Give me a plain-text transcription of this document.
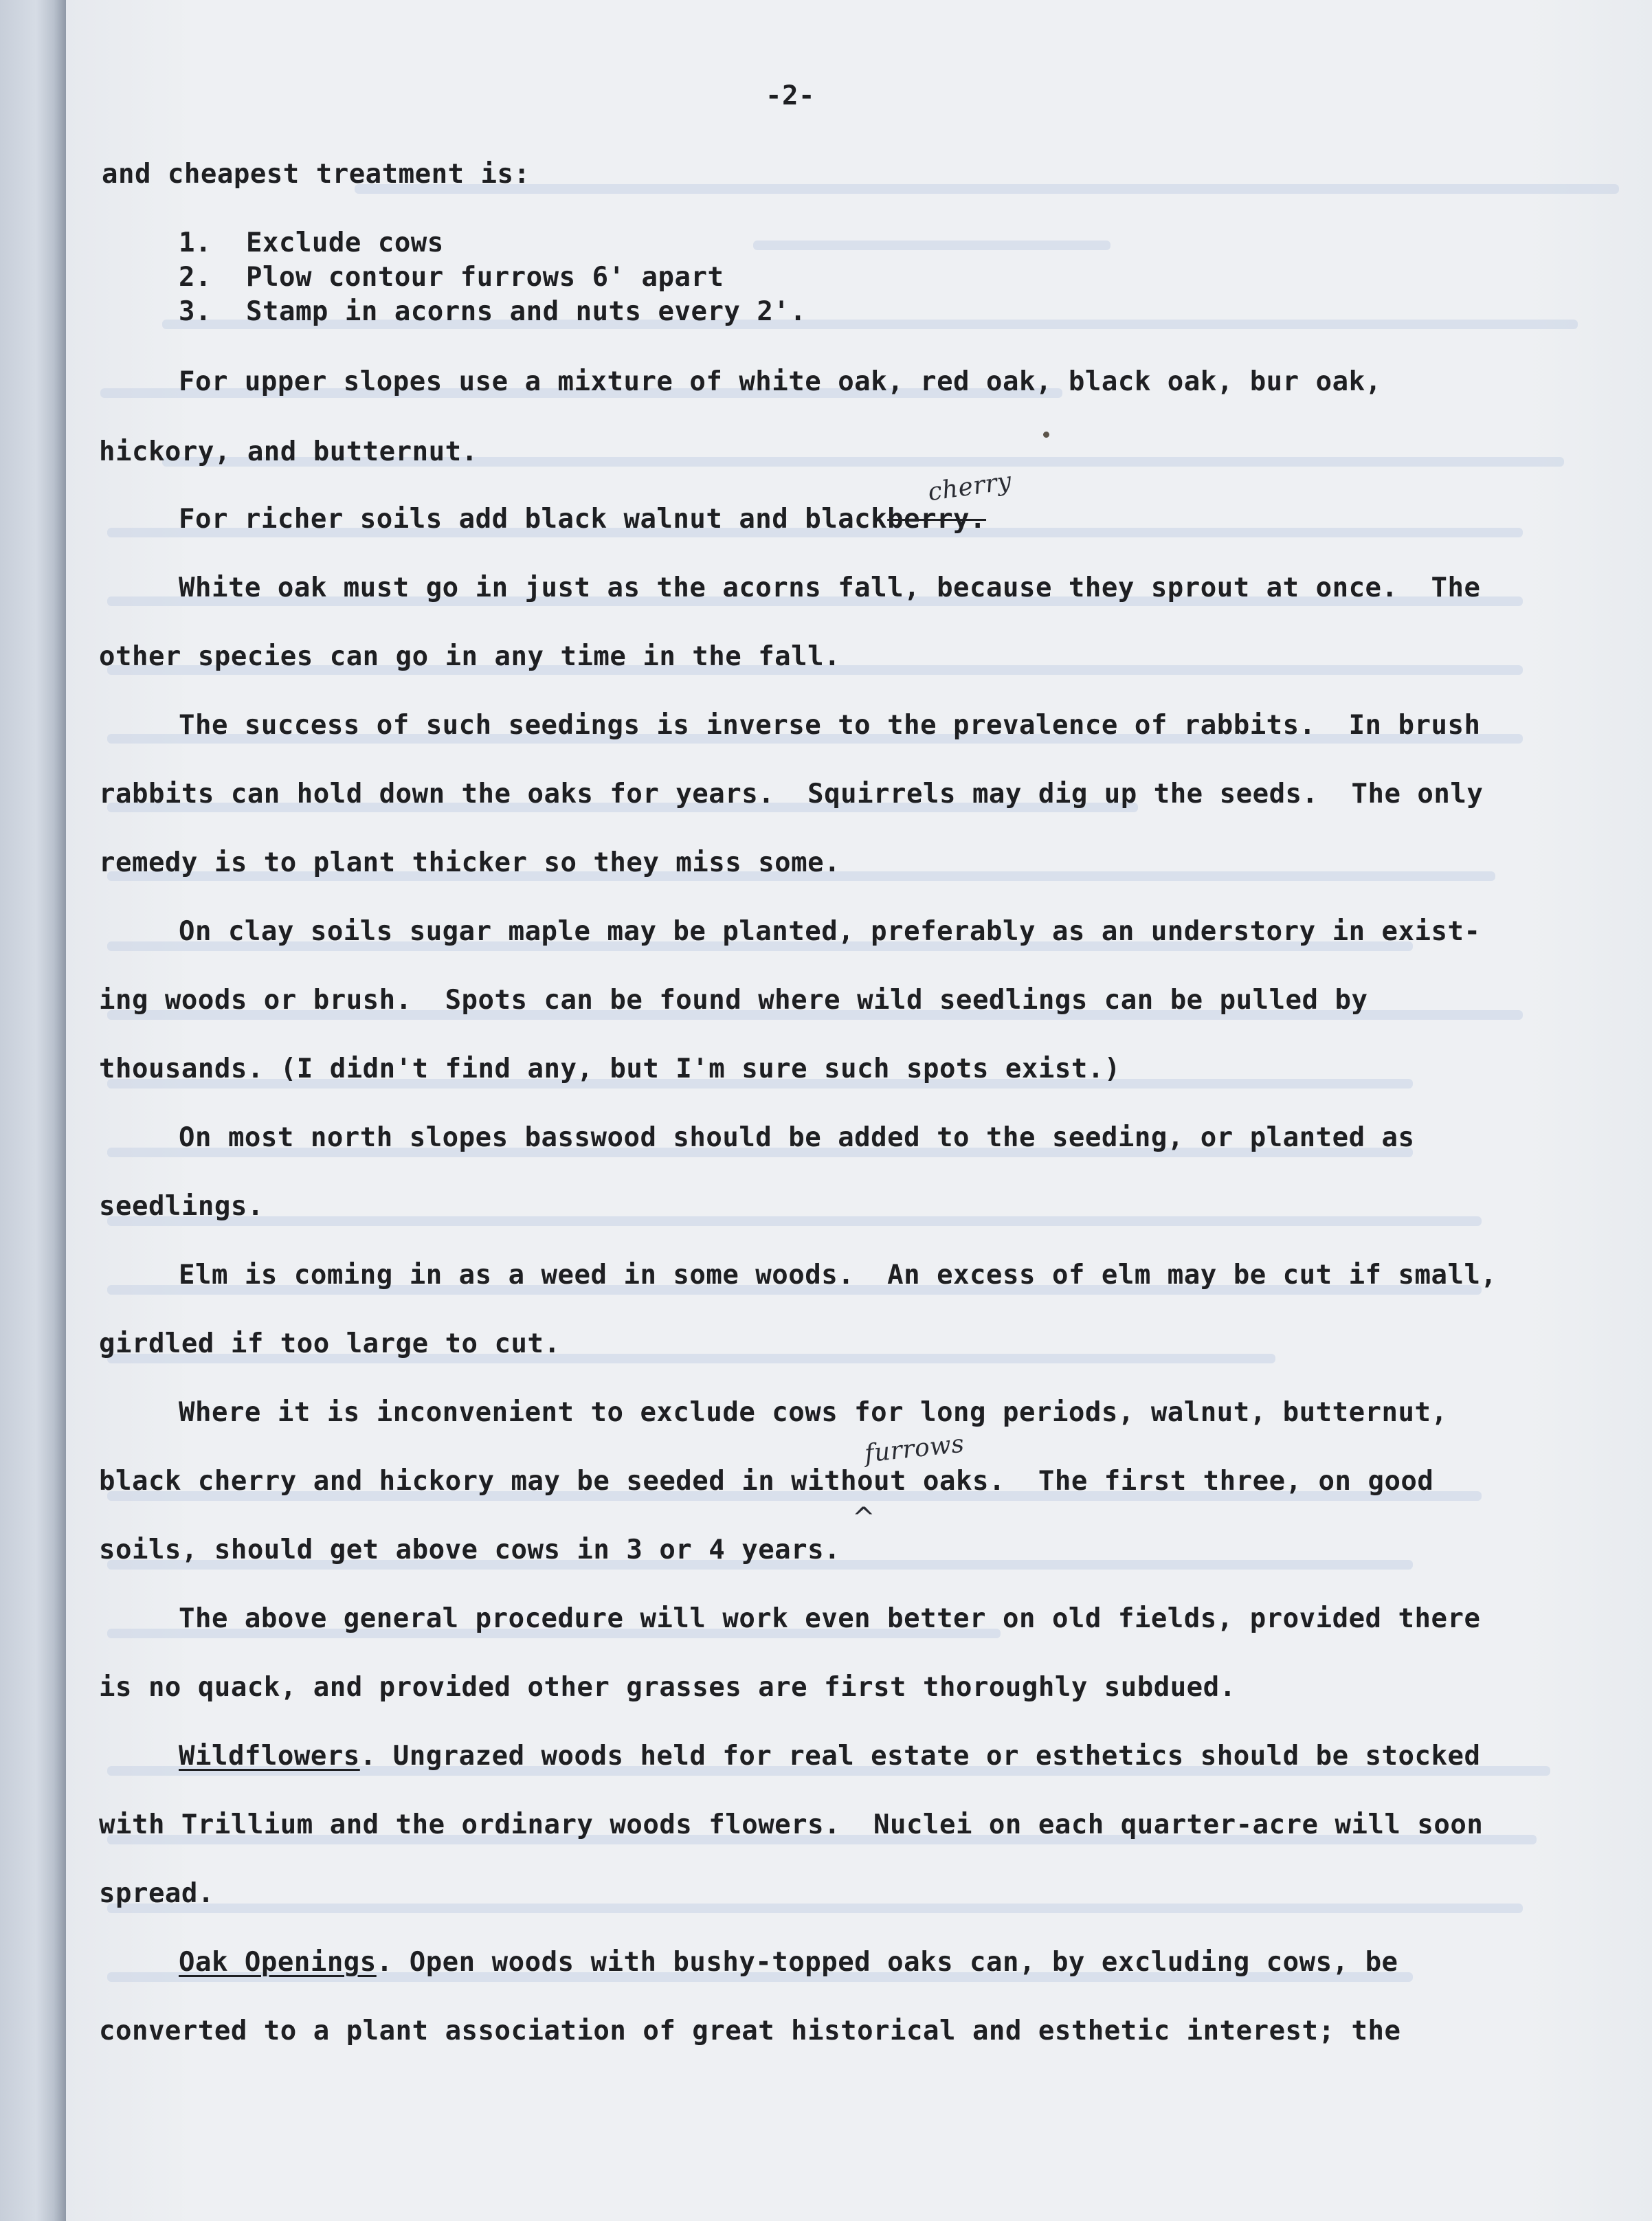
-2-
and cheapest treatment is:
1. Exclude cows
2. Plow contour furrows 6' apart
3. Stamp in acorns and nuts every 2'.
For upper slopes use a mixture of white oak, red oak, black oak, bur oak,
hickory, and butternut.
For richer soils add black walnut and blackberry.
cherry
White oak must go in just as the acorns fall, because they sprout at once.  The
other species can go in any time in the fall.
The success of such seedings is inverse to the prevalence of rabbits.  In brush
rabbits can hold down the oaks for years.  Squirrels may dig up the seeds.  The only
remedy is to plant thicker so they miss some.
On clay soils sugar maple may be planted, preferably as an understory in exist-
ing woods or brush.  Spots can be found where wild seedlings can be pulled by
thousands. (I didn't find any, but I'm sure such spots exist.)
On most north slopes basswood should be added to the seeding, or planted as
seedlings.
Elm is coming in as a weed in some woods.  An excess of elm may be cut if small,
girdled if too large to cut.
Where it is inconvenient to exclude cows for long periods, walnut, butternut,
black cherry and hickory may be seeded in without oaks.  The first three, on good
furrows
^
soils, should get above cows in 3 or 4 years.
The above general procedure will work even better on old fields, provided there
is no quack, and provided other grasses are first thoroughly subdued.
Wildflowers. Ungrazed woods held for real estate or esthetics should be stocked
with Trillium and the ordinary woods flowers.  Nuclei on each quarter-acre will soon
spread.
Oak Openings. Open woods with bushy-topped oaks can, by excluding cows, be
converted to a plant association of great historical and esthetic interest; the
